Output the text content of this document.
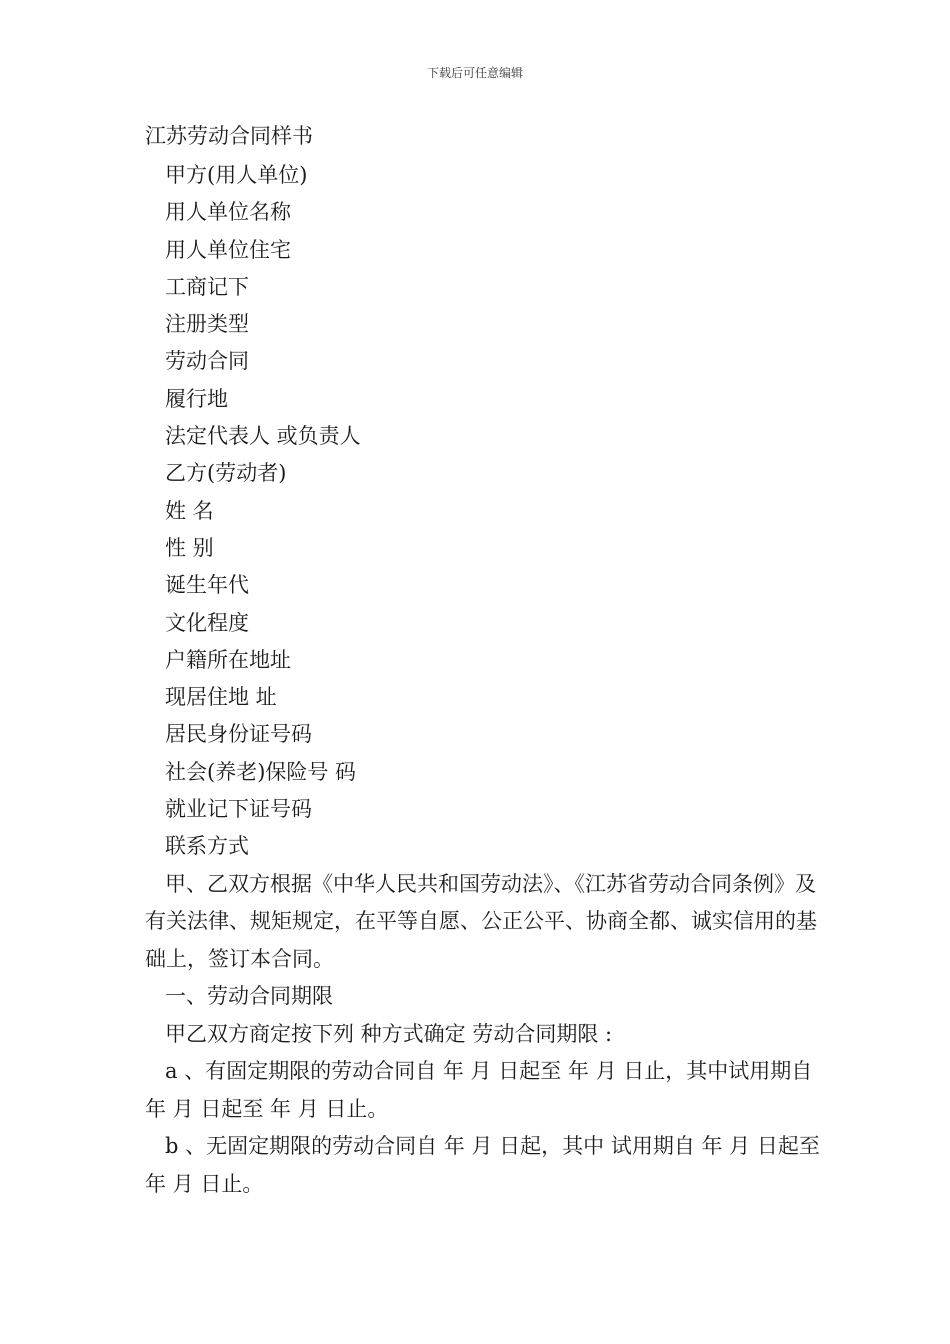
下载后可任意编辑
江苏劳动合同样书
甲方(用人单位)
用人单位名称
用人单位住宅
工商记下
注册类型
劳动合同
履行地
法定代表人 或负责人
乙方(劳动者)
姓 名
性 别
诞生年代
文化程度
户籍所在地址
现居住地 址
居民身份证号码
社会(养老)保险号 码
就业记下证号码
联系方式

甲、乙双方根据《中华人民共和国劳动法》、《江苏省劳动合同条例》及有关法律、规矩规定，在平等自愿、公正公平、协商全都、诚实信用的基础上，签订本合同。

一、劳动合同期限

甲乙双方商定按下列 种方式确定 劳动合同期限 :

a 、有固定期限的劳动合同自 年 月 日起至 年 月 日止，其中试用期自年 月 日起至 年 月 日止。

b 、无固定期限的劳动合同自 年 月 日起，其中 试用期自 年 月 日起至年 月 日止。
